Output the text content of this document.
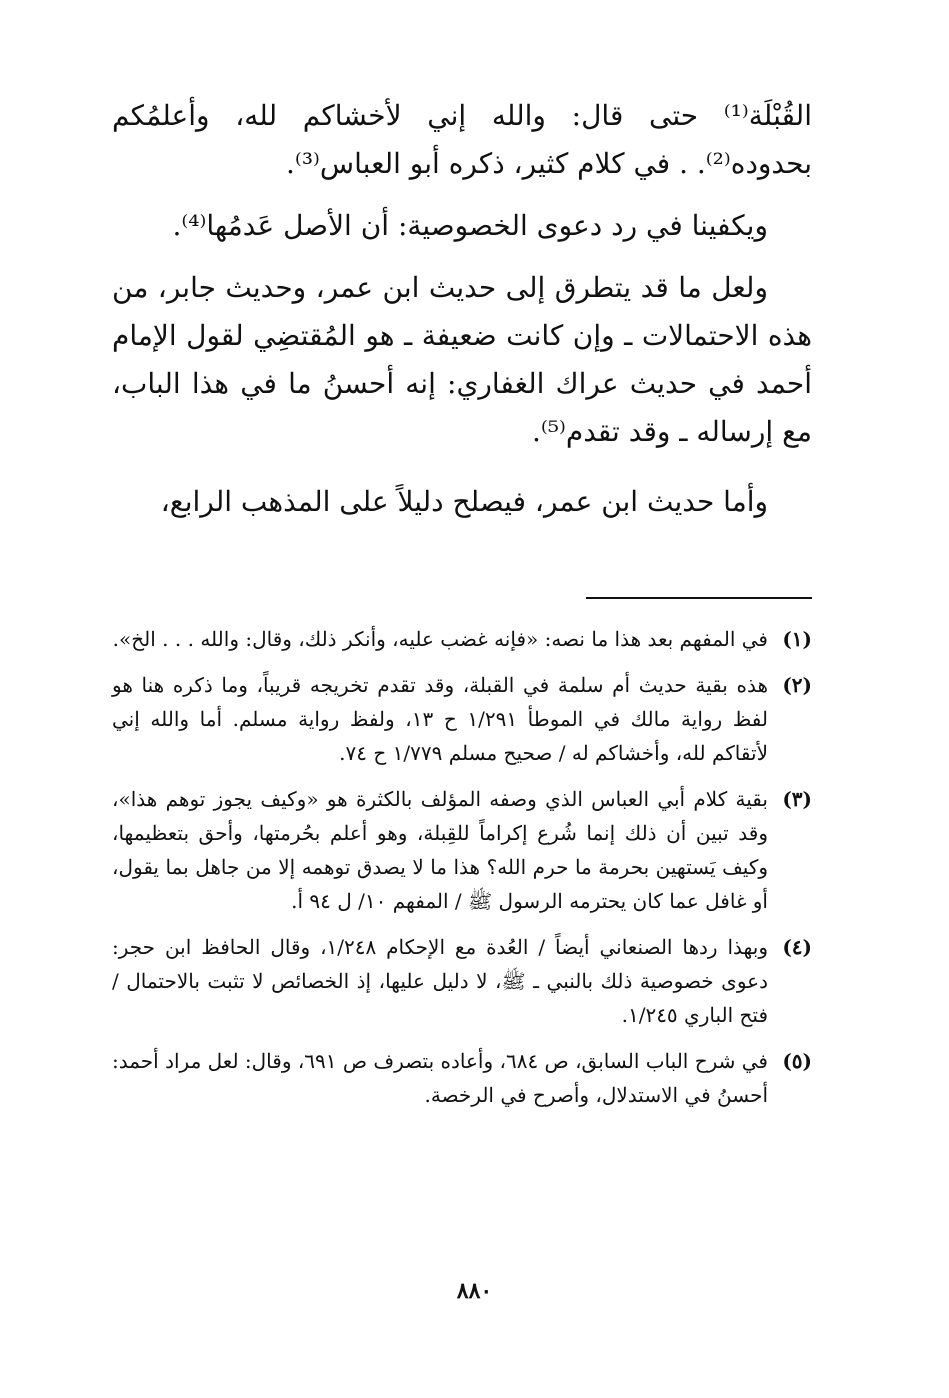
القُبْلَة⁽¹⁾ حتى قال: والله إني لأخشاكم لله، وأعلمُكم بحدوده⁽²⁾. . في كلام كثير، ذكره أبو العباس⁽³⁾.

ويكفينا في رد دعوى الخصوصية: أن الأصل عَدمُها⁽⁴⁾.

ولعل ما قد يتطرق إلى حديث ابن عمر، وحديث جابر، من هذه الاحتمالات ـ وإن كانت ضعيفة ـ هو المُقتضِي لقول الإمام أحمد في حديث عراك الغفاري: إنه أحسنُ ما في هذا الباب، مع إرساله ـ وقد تقدم⁽⁵⁾.

وأما حديث ابن عمر، فيصلح دليلاً على المذهب الرابع،

(١)
في المفهم بعد هذا ما نصه: «فإنه غضب عليه، وأنكر ذلك، وقال: والله . . . الخ».
(٢)
هذه بقية حديث أم سلمة في القبلة، وقد تقدم تخريجه قريباً، وما ذكره هنا هو لفظ رواية مالك في الموطأ ١/٢٩١ ح ١٣، ولفظ رواية مسلم. أما والله إني لأتقاكم لله، وأخشاكم له / صحيح مسلم ١/٧٧٩ ح ٧٤.
(٣)
بقية كلام أبي العباس الذي وصفه المؤلف بالكثرة هو «وكيف يجوز توهم هذا»، وقد تبين أن ذلك إنما شُرع إكراماً للقِبلة، وهو أعلم بحُرمتها، وأحق بتعظيمها، وكيف يَستهين بحرمة ما حرم الله؟ هذا ما لا يصدق توهمه إلا من جاهل بما يقول، أو غافل عما كان يحترمه الرسول ﷺ / المفهم ١٠/ ل ٩٤ أ.
(٤)
وبهذا ردها الصنعاني أيضاً / العُدة مع الإحكام ١/٢٤٨، وقال الحافظ ابن حجر: دعوى خصوصية ذلك بالنبي ـ ﷺ، لا دليل عليها، إذ الخصائص لا تثبت بالاحتمال / فتح الباري ١/٢٤٥.
(٥)
في شرح الباب السابق، ص ٦٨٤، وأعاده بتصرف ص ٦٩١، وقال: لعل مراد أحمد: أحسنُ في الاستدلال، وأصرح في الرخصة.
٨٨٠
